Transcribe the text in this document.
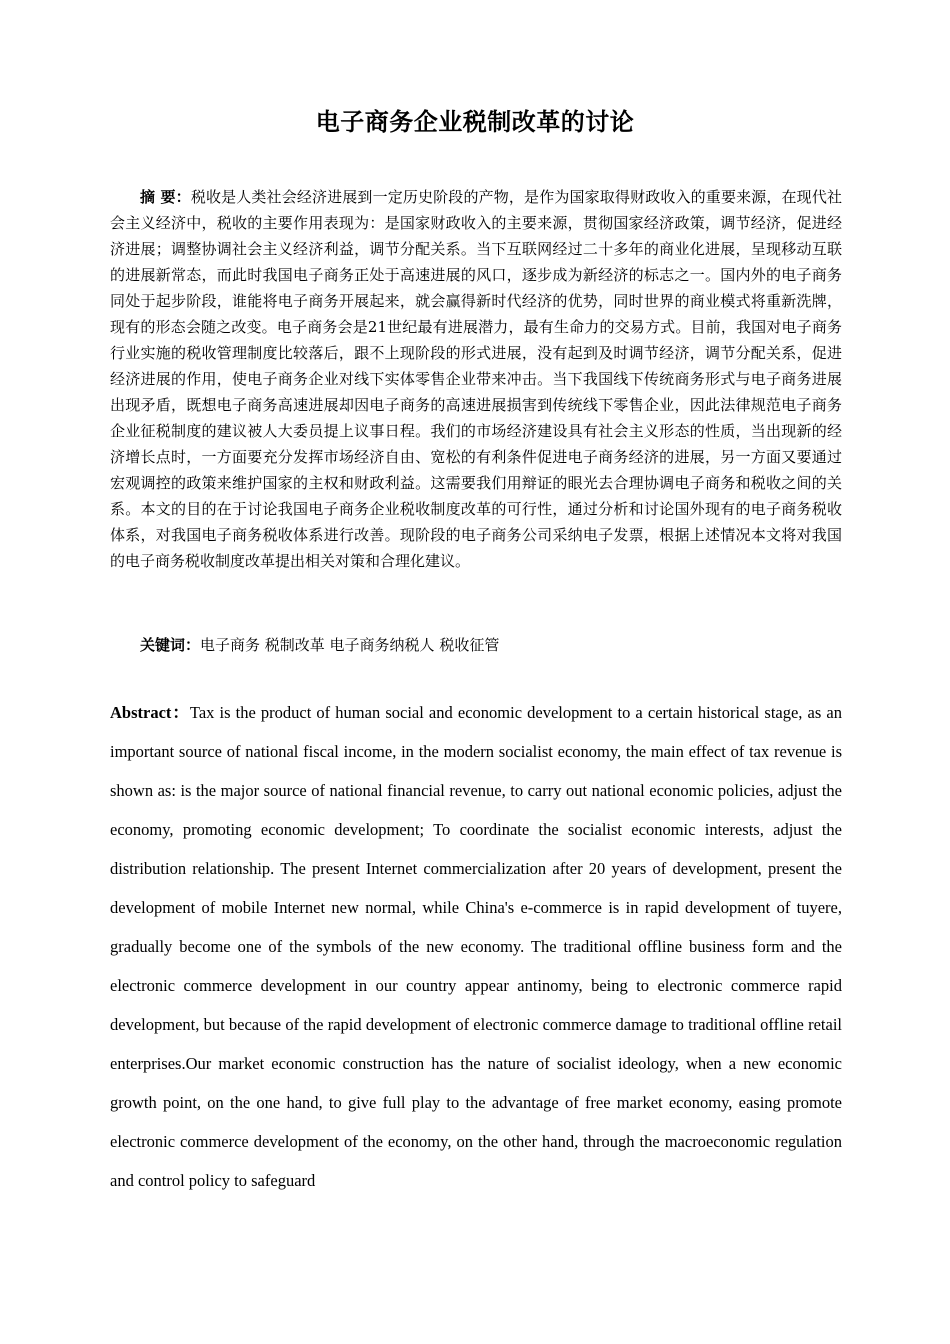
电子商务企业税制改革的讨论

摘 要：税收是人类社会经济进展到一定历史阶段的产物，是作为国家取得财政收入的重要来源，在现代社会主义经济中，税收的主要作用表现为：是国家财政收入的主要来源，贯彻国家经济政策，调节经济，促进经济进展；调整协调社会主义经济利益，调节分配关系。当下互联网经过二十多年的商业化进展，呈现移动互联的进展新常态，而此时我国电子商务正处于高速进展的风口，逐步成为新经济的标志之一。国内外的电子商务同处于起步阶段，谁能将电子商务开展起来，就会赢得新时代经济的优势，同时世界的商业模式将重新洗牌，现有的形态会随之改变。电子商务会是21世纪最有进展潜力，最有生命力的交易方式。目前，我国对电子商务行业实施的税收管理制度比较落后，跟不上现阶段的形式进展，没有起到及时调节经济，调节分配关系，促进经济进展的作用，使电子商务企业对线下实体零售企业带来冲击。当下我国线下传统商务形式与电子商务进展出现矛盾，既想电子商务高速进展却因电子商务的高速进展损害到传统线下零售企业，因此法律规范电子商务企业征税制度的建议被人大委员提上议事日程。我们的市场经济建设具有社会主义形态的性质，当出现新的经济增长点时，一方面要充分发挥市场经济自由、宽松的有利条件促进电子商务经济的进展，另一方面又要通过宏观调控的政策来维护国家的主权和财政利益。这需要我们用辩证的眼光去合理协调电子商务和税收之间的关系。本文的目的在于讨论我国电子商务企业税收制度改革的可行性，通过分析和讨论国外现有的电子商务税收体系，对我国电子商务税收体系进行改善。现阶段的电子商务公司采纳电子发票，根据上述情况本文将对我国的电子商务税收制度改革提出相关对策和合理化建议。

关键词：电子商务 税制改革 电子商务纳税人 税收征管

Abstract：Tax is the product of human social and economic development to a certain historical stage, as an important source of national fiscal income, in the modern socialist economy, the main effect of tax revenue is shown as: is the major source of national financial revenue, to carry out national economic policies, adjust the economy, promoting economic development; To coordinate the socialist economic interests, adjust the distribution relationship. The present Internet commercialization after 20 years of development, present the development of mobile Internet new normal, while China's e-commerce is in rapid development of tuyere, gradually become one of the symbols of the new economy. The traditional offline business form and the electronic commerce development in our country appear antinomy, being to electronic commerce rapid development, but because of the rapid development of electronic commerce damage to traditional offline retail enterprises.Our market economic construction has the nature of socialist ideology, when a new economic growth point, on the one hand, to give full play to the advantage of free market economy, easing promote electronic commerce development of the economy, on the other hand, through the macroeconomic regulation and control policy to safeguard
